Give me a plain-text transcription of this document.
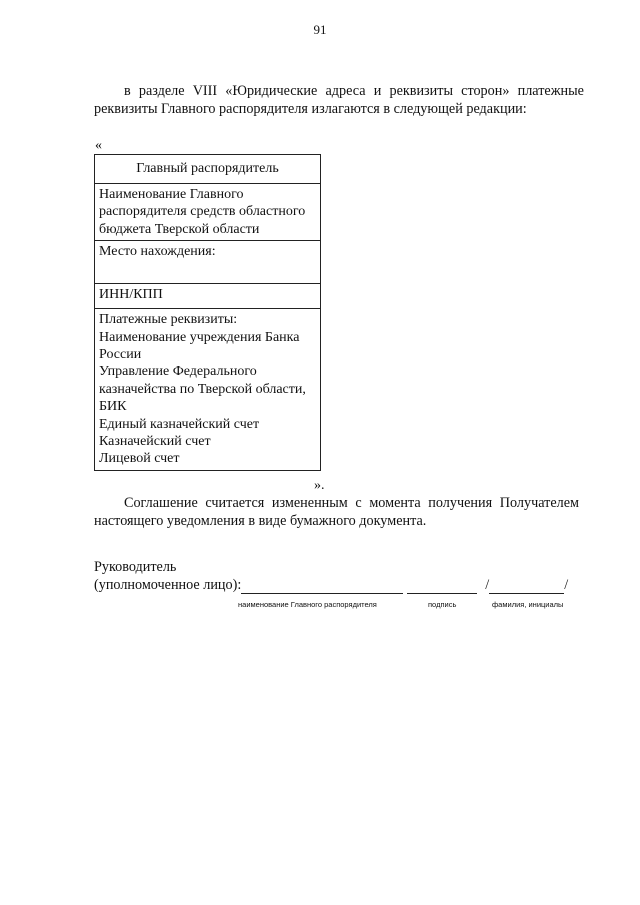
91
в разделе VIII «Юридические адреса и реквизиты сторон» платежные
реквизиты Главного распорядителя излагаются в следующей редакции:
«
Главный распорядитель

Наименование Главного
распорядителя средств областного
бюджета Тверской области

Место нахождения:
ИНН/КПП

Платежные реквизиты:
Наименование учреждения Банка
России
Управление Федерального
казначейства по Тверской области,
БИК
Единый казначейский счет
Казначейский счет
Лицевой счет
».
Соглашение считается измененным с момента получения Получателем
настоящего уведомления в виде бумажного документа.
Руководитель
(уполномоченное лицо):	/	/
наименование Главного распорядителя	подпись	фамилия, инициалы
